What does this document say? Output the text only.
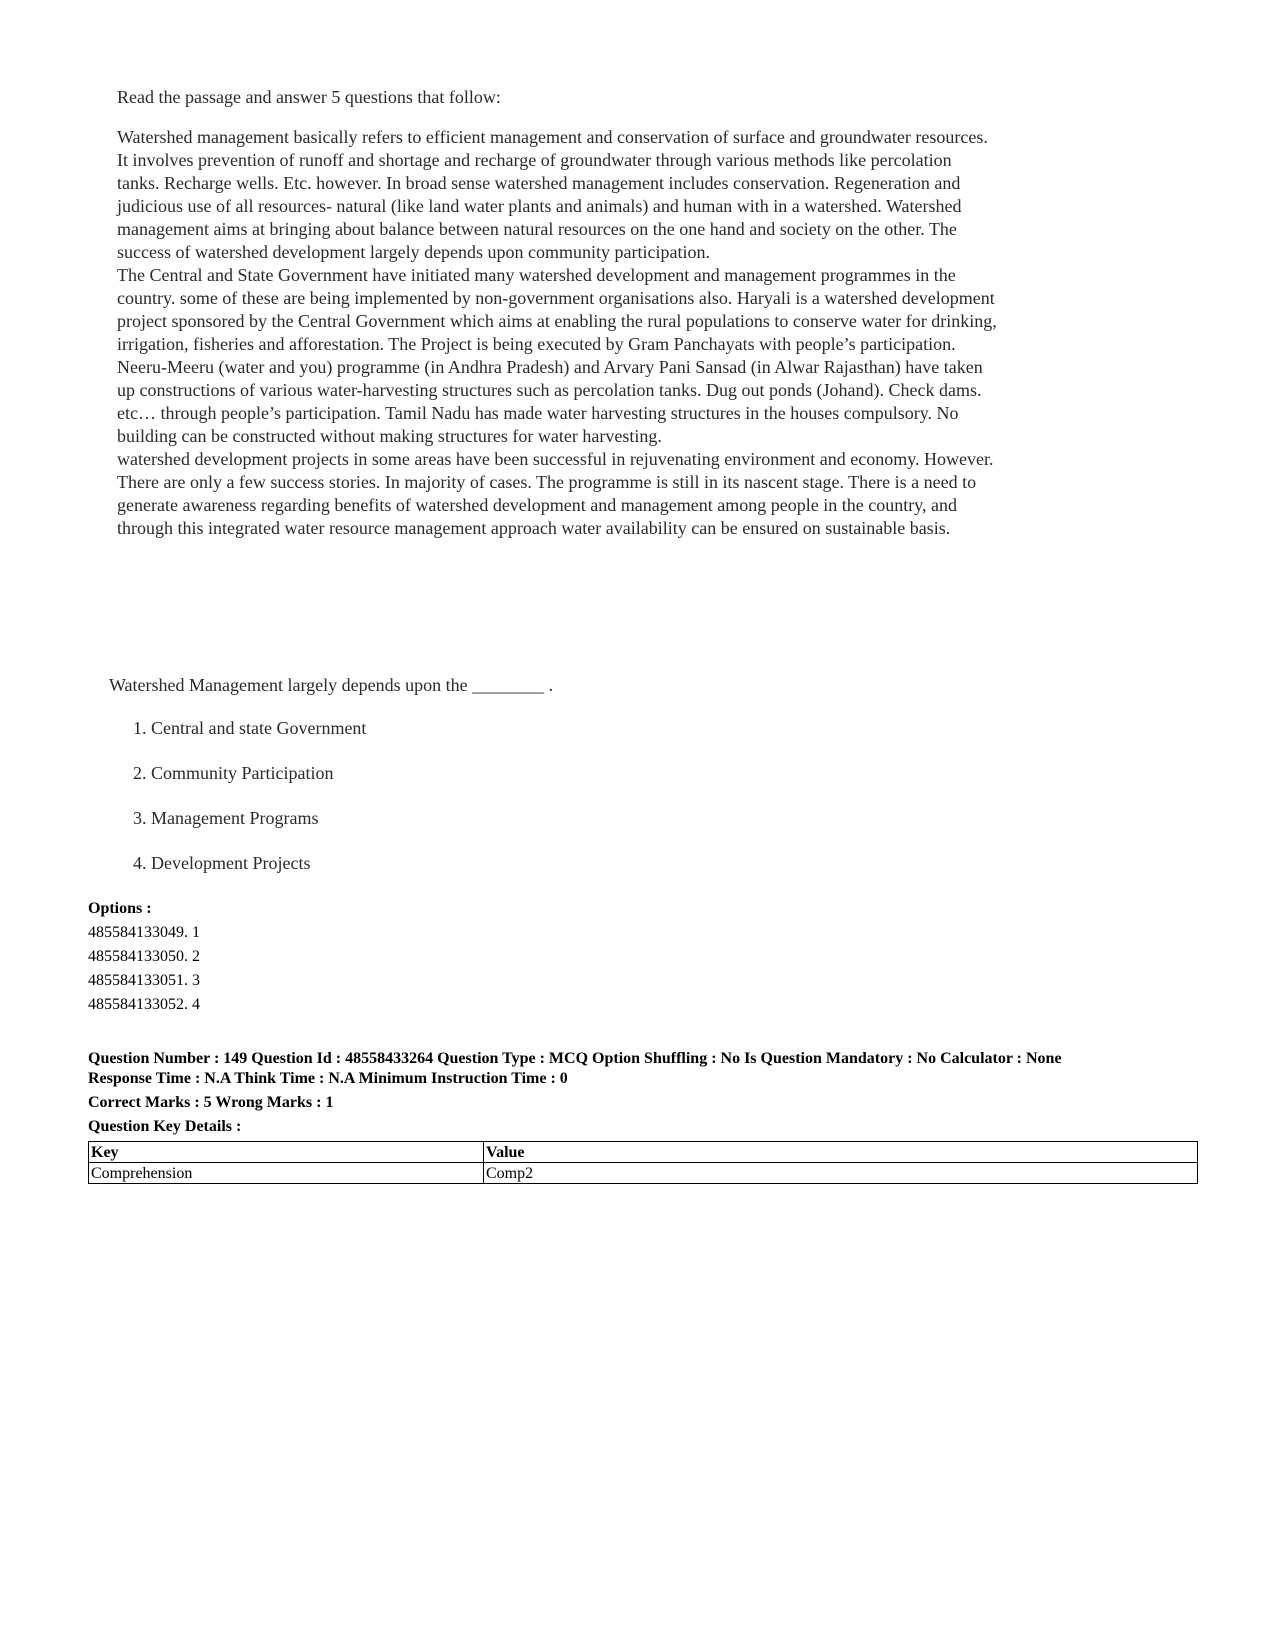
Read the passage and answer 5 questions that follow:

Watershed management basically refers to efficient management and conservation of surface and groundwater resources. It involves prevention of runoff and shortage and recharge of groundwater through various methods like percolation tanks. Recharge wells. Etc. however. In broad sense watershed management includes conservation. Regeneration and judicious use of all resources- natural (like land water plants and animals) and human with in a watershed. Watershed management aims at bringing about balance between natural resources on the one hand and society on the other. The success of watershed development largely depends upon community participation.

The Central and State Government have initiated many watershed development and management programmes in the country. some of these are being implemented by non-government organisations also. Haryali is a watershed development project sponsored by the Central Government which aims at enabling the rural populations to conserve water for drinking, irrigation, fisheries and afforestation. The Project is being executed by Gram Panchayats with people’s participation. Neeru-Meeru (water and you) programme (in Andhra Pradesh) and Arvary Pani Sansad (in Alwar Rajasthan) have taken up constructions of various water-harvesting structures such as percolation tanks. Dug out ponds (Johand). Check dams. etc… through people’s participation. Tamil Nadu has made water harvesting structures in the houses compulsory. No building can be constructed without making structures for water harvesting.

watershed development projects in some areas have been successful in rejuvenating environment and economy. However. There are only a few success stories. In majority of cases. The programme is still in its nascent stage. There is a need to generate awareness regarding benefits of watershed development and management among people in the country, and through this integrated water resource management approach water availability can be ensured on sustainable basis.

Watershed Management largely depends upon the ________ .

1. Central and state Government
2. Community Participation
3. Management Programs
4. Development Projects
Options :
485584133049. 1
485584133050. 2
485584133051. 3
485584133052. 4

Question Number : 149 Question Id : 48558433264 Question Type : MCQ Option Shuffling : No Is Question Mandatory : No Calculator : None

Response Time : N.A Think Time : N.A Minimum Instruction Time : 0

Correct Marks : 5 Wrong Marks : 1

Question Key Details :

Key	Value
Comprehension	Comp2
